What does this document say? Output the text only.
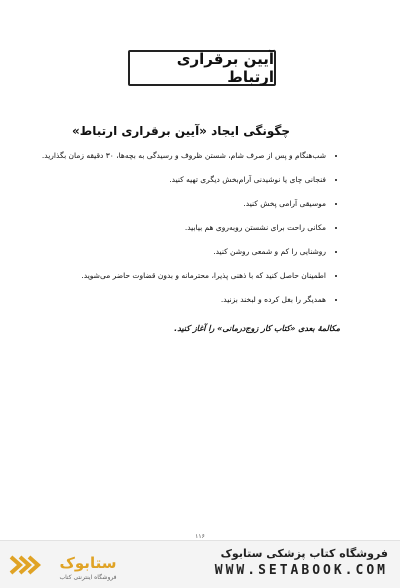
آیین برقراری ارتباط
چگونگی ایجاد «آیین برقراری ارتباط»
• شب‌هنگام و پس از صرف شام، شستن ظروف و رسیدگی به بچه‌ها، ۳۰ دقیقه زمان بگذارید.
• فنجانی چای یا نوشیدنی آرام‌بخش دیگری تهیه کنید.
• موسیقی آرامی پخش کنید.
• مکانی راحت برای نشستن روبه‌روی هم بیابید.
• روشنایی را کم و شمعی روشن کنید.
• اطمینان حاصل کنید که با ذهنی پذیرا، محترمانه و بدون قضاوت حاضر می‌شوید.
• همدیگر را بغل کرده و لبخند بزنید.
مکالمهٔ بعدی «کتاب کار زوج‌درمانی» را آغاز کنید.
۱۱۶
ستابوک
فروشگاه اینترنتی کتاب
فروشگاه کتاب پزشکی ستابوک
WWW.SETABOOK.COM
